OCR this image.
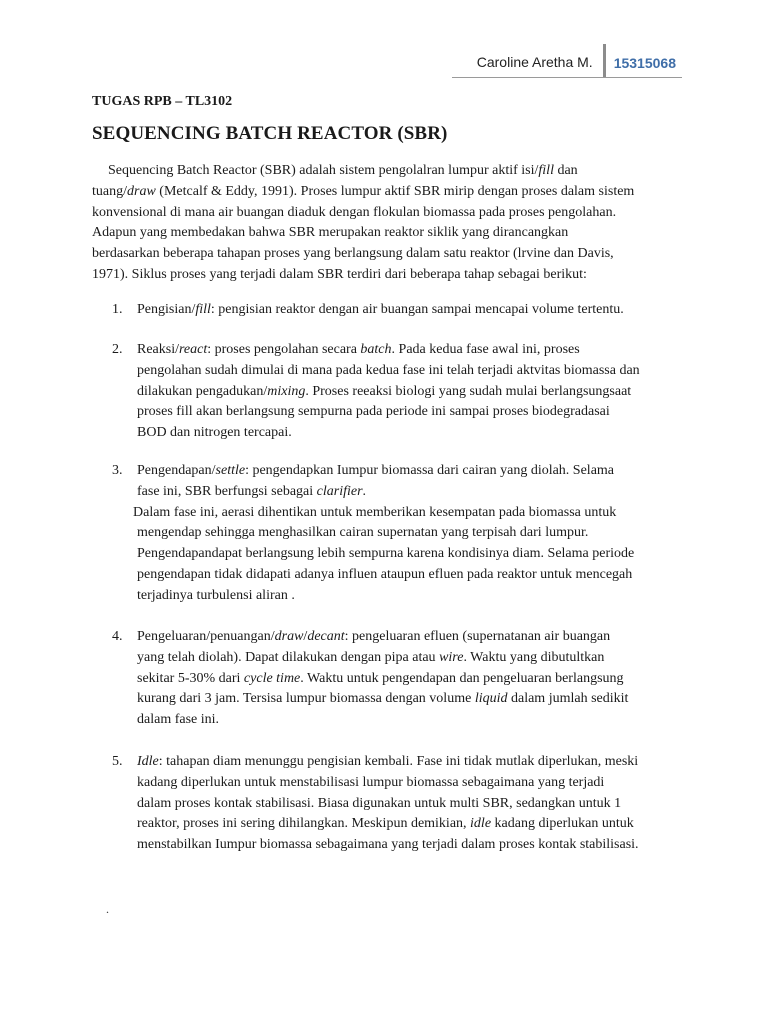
Caroline Aretha M.	15315068
TUGAS RPB – TL3102
SEQUENCING BATCH REACTOR (SBR)

Sequencing Batch Reactor (SBR) adalah sistem pengolalran lumpur aktif isi/fill dan
tuang/draw (Metcalf & Eddy, 1991). Proses lumpur aktif SBR mirip dengan proses dalam sistem
konvensional di mana air buangan diaduk dengan flokulan biomassa pada proses pengolahan.
Adapun yang membedakan bahwa SBR merupakan reaktor siklik yang dirancangkan
berdasarkan beberapa tahapan proses yang berlangsung dalam satu reaktor (lrvine dan Davis,
1971). Siklus proses yang terjadi dalam SBR terdiri dari beberapa tahap sebagai berikut:

1. Pengisian/fill: pengisian reaktor dengan air buangan sampai mencapai volume tertentu.
2. Reaksi/react: proses pengolahan secara batch. Pada kedua fase awal ini, proses
pengolahan sudah dimulai di mana pada kedua fase ini telah terjadi aktvitas biomassa dan
dilakukan pengadukan/mixing. Proses reeaksi biologi yang sudah mulai berlangsungsaat
proses fill akan berlangsung sempurna pada periode ini sampai proses biodegradasai
BOD dan nitrogen tercapai.
3. Pengendapan/settle: pengendapkan Iumpur biomassa dari cairan yang diolah. Selama
fase ini, SBR berfungsi sebagai clarifier.
Dalam fase ini, aerasi dihentikan untuk memberikan kesempatan pada biomassa untuk
mengendap sehingga menghasilkan cairan supernatan yang terpisah dari lumpur.
Pengendapandapat berlangsung lebih sempurna karena kondisinya diam. Selama periode
pengendapan tidak didapati adanya influen ataupun efluen pada reaktor untuk mencegah
terjadinya turbulensi aliran .
4. Pengeluaran/penuangan/draw/decant: pengeluaran efluen (supernatanan air buangan
yang telah diolah). Dapat dilakukan dengan pipa atau wire. Waktu yang dibutultkan
sekitar 5-30% dari cycle time. Waktu untuk pengendapan dan pengeluaran berlangsung
kurang dari 3 jam. Tersisa lumpur biomassa dengan volume liquid dalam jumlah sedikit
dalam fase ini.
5. Idle: tahapan diam menunggu pengisian kembali. Fase ini tidak mutlak diperlukan, meski
kadang diperlukan untuk menstabilisasi lumpur biomassa sebagaimana yang terjadi
dalam proses kontak stabilisasi. Biasa digunakan untuk multi SBR, sedangkan untuk 1
reaktor, proses ini sering dihilangkan. Meskipun demikian, idle kadang diperlukan untuk
menstabilkan Iumpur biomassa sebagaimana yang terjadi dalam proses kontak stabilisasi.
.
